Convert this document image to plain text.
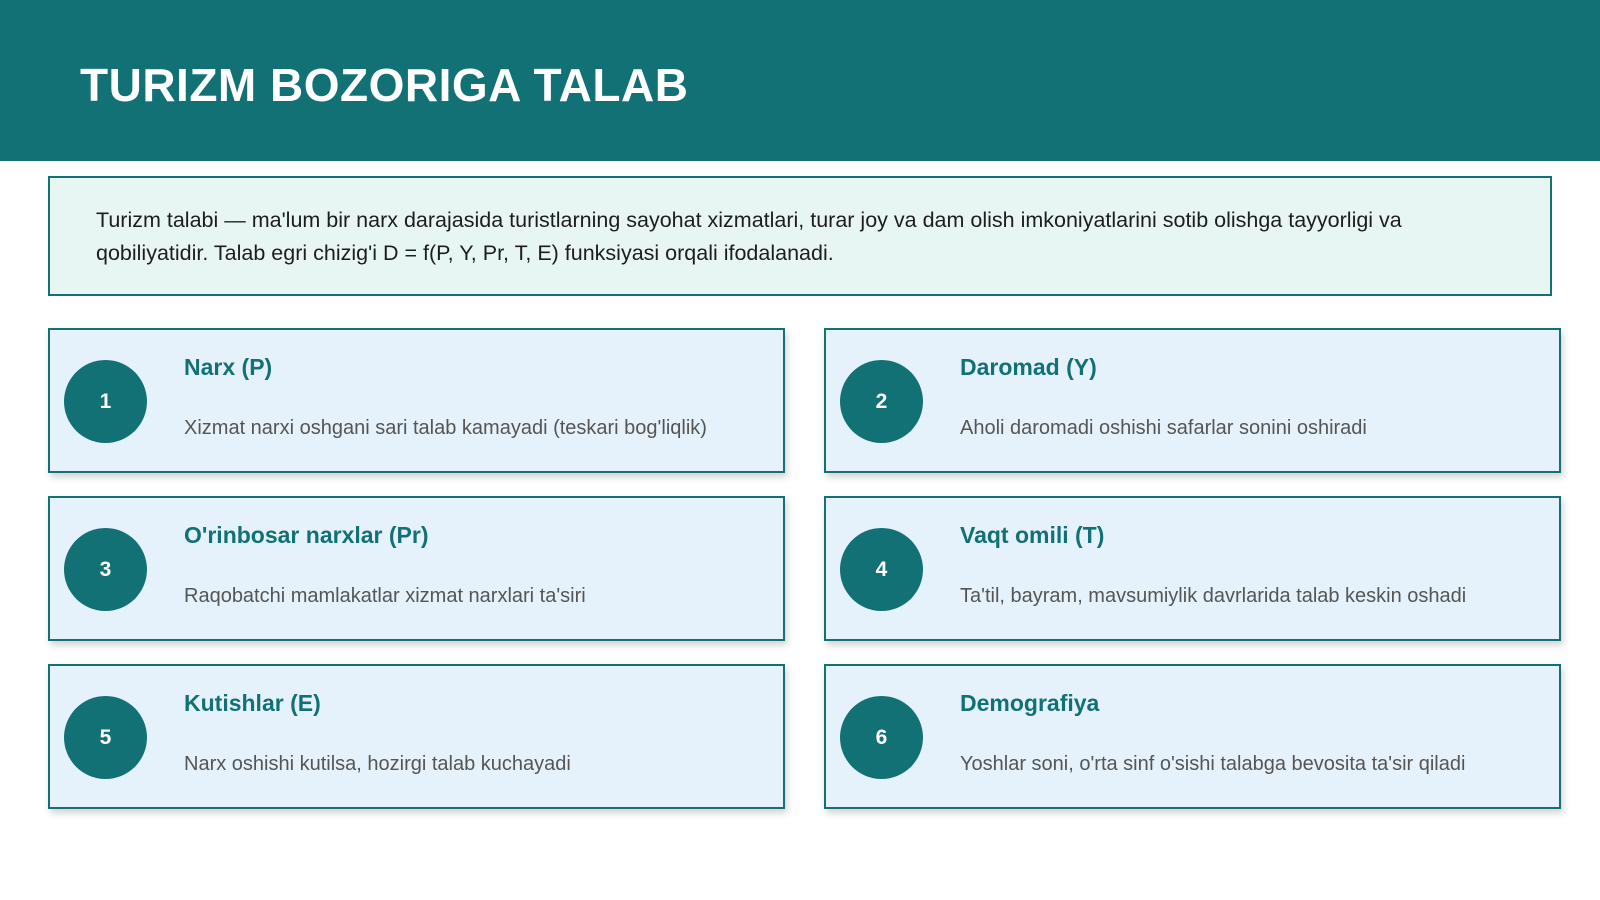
TURIZM BOZORIGA TALAB

Turizm talabi — ma'lum bir narx darajasida turistlarning sayohat xizmatlari, turar joy va dam olish imkoniyatlarini sotib olishga tayyorligi va qobiliyatidir. Talab egri chizig'i D = f(P, Y, Pr, T, E) funksiyasi orqali ifodalanadi.

1

Narx (P)

Xizmat narxi oshgani sari talab kamayadi (teskari bog'liqlik)

2

Daromad (Y)

Aholi daromadi oshishi safarlar sonini oshiradi

3

O'rinbosar narxlar (Pr)

Raqobatchi mamlakatlar xizmat narxlari ta'siri

4

Vaqt omili (T)

Ta'til, bayram, mavsumiylik davrlarida talab keskin oshadi

5

Kutishlar (E)

Narx oshishi kutilsa, hozirgi talab kuchayadi

6

Demografiya

Yoshlar soni, o'rta sinf o'sishi talabga bevosita ta'sir qiladi
